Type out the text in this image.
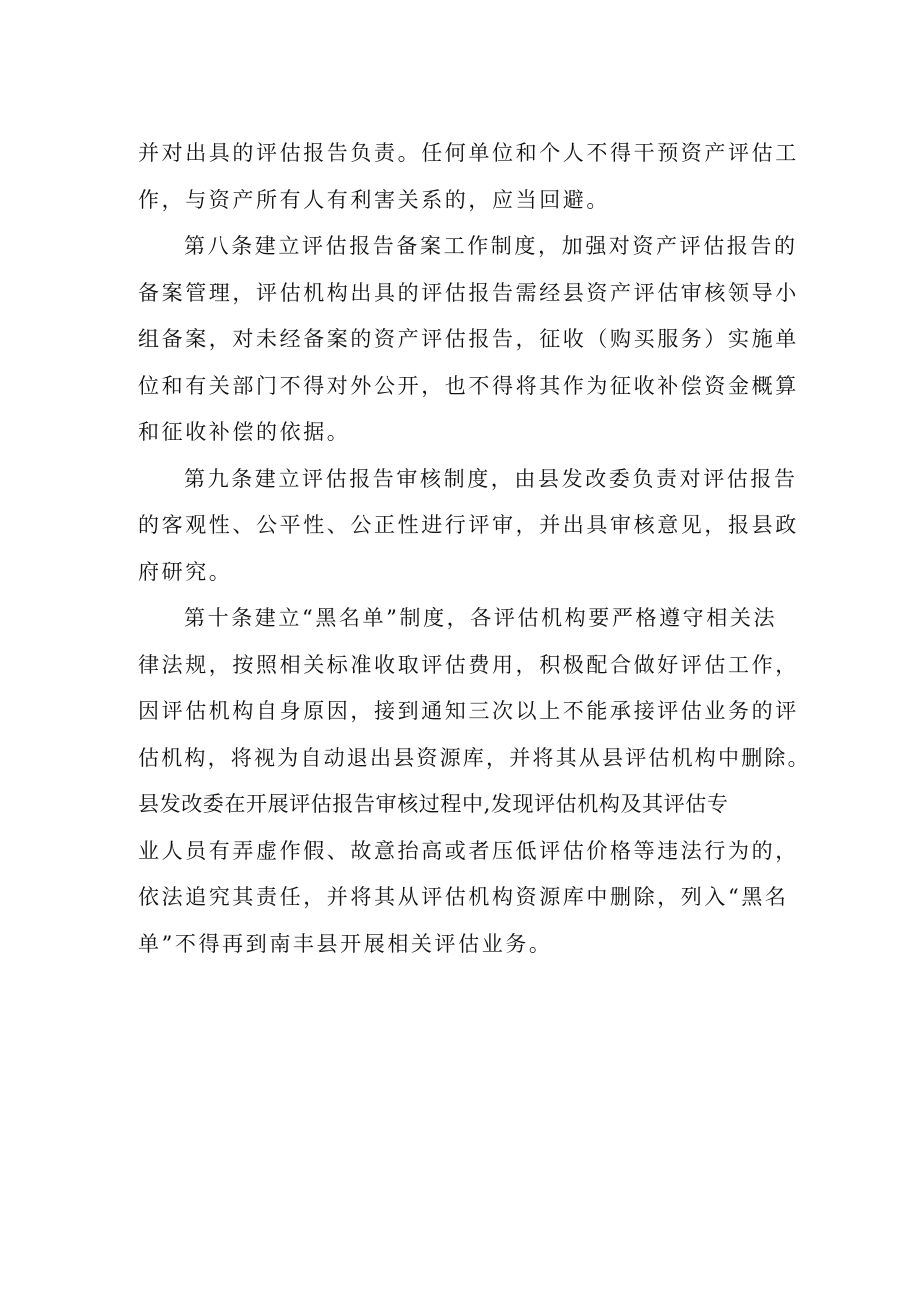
并对出具的评估报告负责。任何单位和个人不得干预资产评估工
作，与资产所有人有利害关系的，应当回避。
第八条建立评估报告备案工作制度，加强对资产评估报告的
备案管理，评估机构出具的评估报告需经县资产评估审核领导小
组备案，对未经备案的资产评估报告，征收（购买服务）实施单
位和有关部门不得对外公开，也不得将其作为征收补偿资金概算
和征收补偿的依据。
第九条建立评估报告审核制度，由县发改委负责对评估报告
的客观性、公平性、公正性进行评审，并出具审核意见，报县政
府研究。
第十条建立“黑名单”制度，各评估机构要严格遵守相关法
律法规，按照相关标准收取评估费用，积极配合做好评估工作，
因评估机构自身原因，接到通知三次以上不能承接评估业务的评
估机构，将视为自动退出县资源库，并将其从县评估机构中删除。
县发改委在开展评估报告审核过程中,发现评估机构及其评估专
业人员有弄虚作假、故意抬高或者压低评估价格等违法行为的，
依法追究其责任，并将其从评估机构资源库中删除，列入“黑名
单”不得再到南丰县开展相关评估业务。
